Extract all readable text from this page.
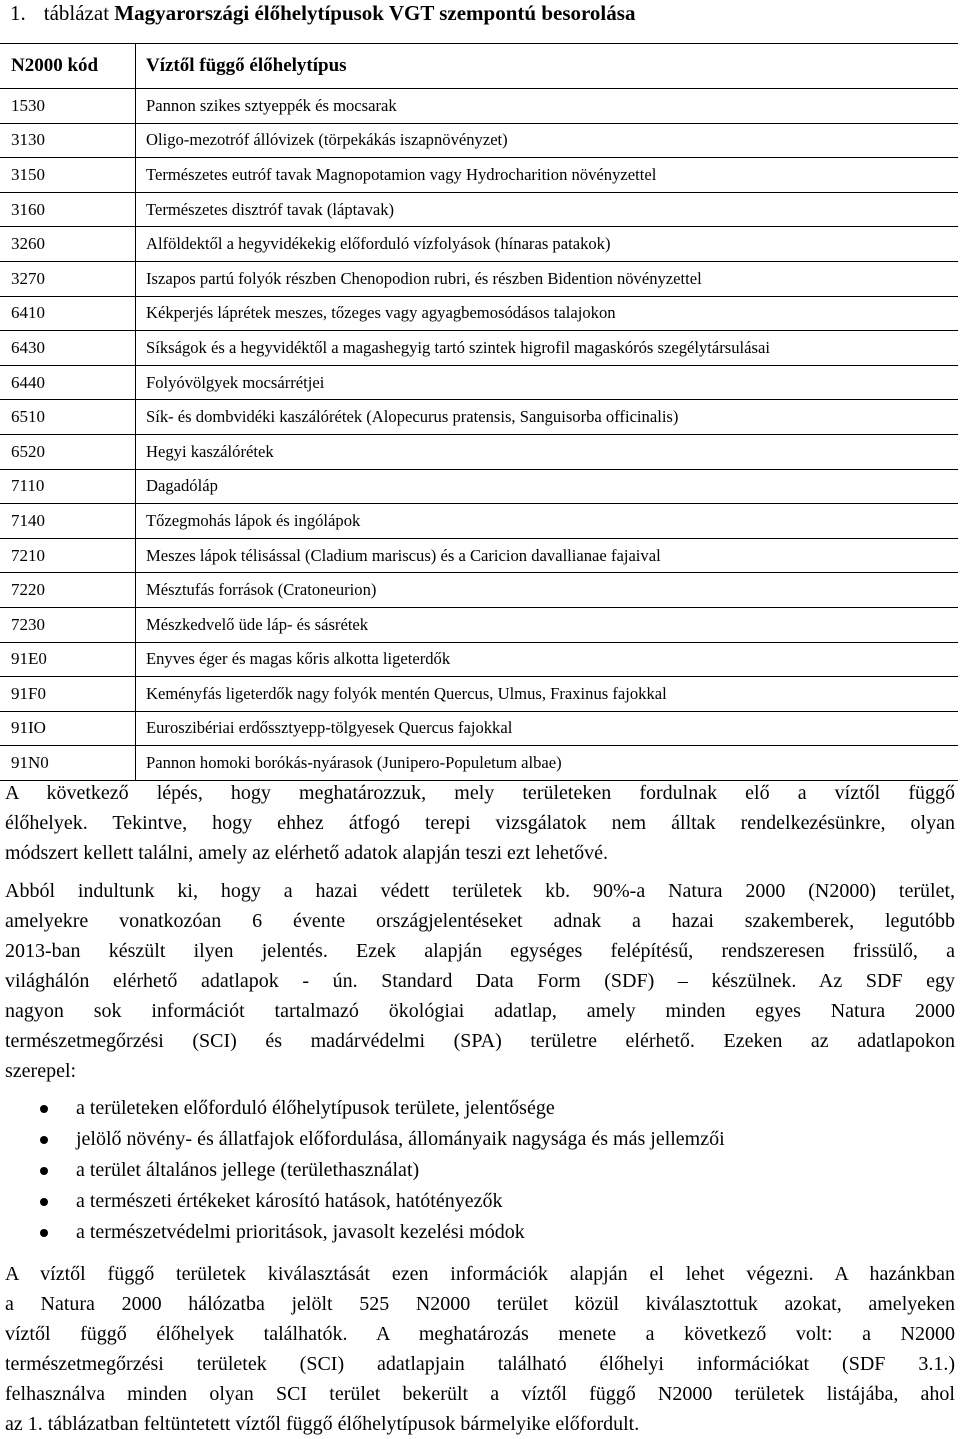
1. táblázat Magyarországi élőhelytípusok VGT szempontú besorolása
N2000 kód	Víztől függő élőhelytípus
1530	Pannon szikes sztyeppék és mocsarak
3130	Oligo-mezotróf állóvizek (törpekákás iszapnövényzet)
3150	Természetes eutróf tavak Magnopotamion vagy Hydrocharition növényzettel
3160	Természetes disztróf tavak (láptavak)
3260	Alföldektől a hegyvidékekig előforduló vízfolyások (hínaras patakok)
3270	Iszapos partú folyók részben Chenopodion rubri, és részben Bidention növényzettel
6410	Kékperjés láprétek meszes, tőzeges vagy agyagbemosódásos talajokon
6430	Síkságok és a hegyvidéktől a magashegyig tartó szintek higrofil magaskórós szegélytársulásai
6440	Folyóvölgyek mocsárrétjei
6510	Sík- és dombvidéki kaszálórétek (Alopecurus pratensis, Sanguisorba officinalis)
6520	Hegyi kaszálórétek
7110	Dagadóláp
7140	Tőzegmohás lápok és ingólápok
7210	Meszes lápok télisással (Cladium mariscus) és a Caricion davallianae fajaival
7220	Mésztufás források (Cratoneurion)
7230	Mészkedvelő üde láp- és sásrétek
91E0	Enyves éger és magas kőris alkotta ligeterdők
91F0	Keményfás ligeterdők nagy folyók mentén Quercus, Ulmus, Fraxinus fajokkal
91IO	Euroszibériai erdőssztyepp-tölgyesek Quercus fajokkal
91N0	Pannon homoki borókás-nyárasok (Junipero-Populetum albae)
A következő lépés, hogy meghatározzuk, mely területeken fordulnak elő a víztől függő
élőhelyek. Tekintve, hogy ehhez átfogó terepi vizsgálatok nem álltak rendelkezésünkre, olyan
módszert kellett találni, amely az elérhető adatok alapján teszi ezt lehetővé.
Abból indultunk ki, hogy a hazai védett területek kb. 90%-a Natura 2000 (N2000) terület,
amelyekre vonatkozóan 6 évente országjelentéseket adnak a hazai szakemberek, legutóbb
2013-ban készült ilyen jelentés. Ezek alapján egységes felépítésű, rendszeresen frissülő, a
világhálón elérhető adatlapok - ún. Standard Data Form (SDF) – készülnek. Az SDF egy
nagyon sok információt tartalmazó ökológiai adatlap, amely minden egyes Natura 2000
természetmegőrzési (SCI) és madárvédelmi (SPA) területre elérhető. Ezeken az adatlapokon
szerepel:
a területeken előforduló élőhelytípusok területe, jelentősége
jelölő növény- és állatfajok előfordulása, állományaik nagysága és más jellemzői
a terület általános jellege (területhasználat)
a természeti értékeket károsító hatások, hatótényezők
a természetvédelmi prioritások, javasolt kezelési módok
A víztől függő területek kiválasztását ezen információk alapján el lehet végezni. A hazánkban
a Natura 2000 hálózatba jelölt 525 N2000 terület közül kiválasztottuk azokat, amelyeken
víztől függő élőhelyek találhatók. A meghatározás menete a következő volt: a N2000
természetmegőrzési területek (SCI) adatlapjain található élőhelyi információkat (SDF 3.1.)
felhasználva minden olyan SCI terület bekerült a víztől függő N2000 területek listájába, ahol
az 1. táblázatban feltüntetett víztől függő élőhelytípusok bármelyike előfordult.
